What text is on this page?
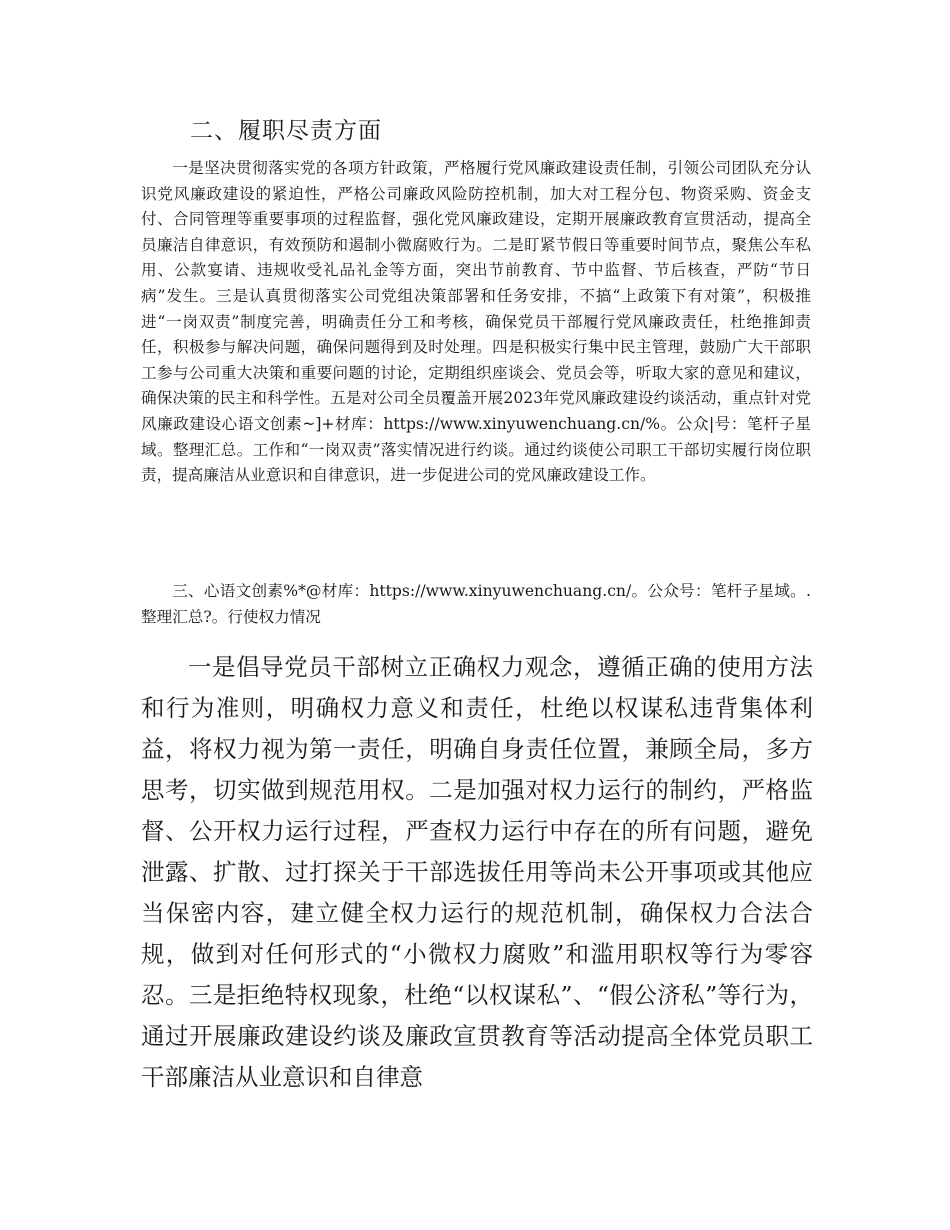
二、履职尽责方面

一是坚决贯彻落实党的各项方针政策，严格履行党风廉政建设责任制，引领公司团队充分认识党风廉政建设的紧迫性，严格公司廉政风险防控机制，加大对工程分包、物资采购、资金支付、合同管理等重要事项的过程监督，强化党风廉政建设，定期开展廉政教育宣贯活动，提高全员廉洁自律意识，有效预防和遏制小微腐败行为。二是盯紧节假日等重要时间节点，聚焦公车私用、公款宴请、违规收受礼品礼金等方面，突出节前教育、节中监督、节后核查，严防“节日病”发生。三是认真贯彻落实公司党组决策部署和任务安排，不搞“上政策下有对策”，积极推进“一岗双责”制度完善，明确责任分工和考核，确保党员干部履行党风廉政责任，杜绝推卸责任，积极参与解决问题，确保问题得到及时处理。四是积极实行集中民主管理，鼓励广大干部职工参与公司重大决策和重要问题的讨论，定期组织座谈会、党员会等，听取大家的意见和建议，确保决策的民主和科学性。五是对公司全员覆盖开展2023年党风廉政建设约谈活动，重点针对党风廉政建设心语文创素~]+材库：https://www.xinyuwenchuang.cn/%。公众|号：笔杆子星域。整理汇总。工作和“一岗双责”落实情况进行约谈。通过约谈使公司职工干部切实履行岗位职责，提高廉洁从业意识和自律意识，进一步促进公司的党风廉政建设工作。

三、心语文创素%*@材库：https://www.xinyuwenchuang.cn/。公众号：笔杆子星域。.整理汇总?。行使权力情况

一是倡导党员干部树立正确权力观念，遵循正确的使用方法和行为准则，明确权力意义和责任，杜绝以权谋私违背集体利益，将权力视为第一责任，明确自身责任位置，兼顾全局，多方思考，切实做到规范用权。二是加强对权力运行的制约，严格监督、公开权力运行过程，严查权力运行中存在的所有问题，避免泄露、扩散、过打探关于干部选拔任用等尚未公开事项或其他应当保密内容，建立健全权力运行的规范机制，确保权力合法合规，做到对任何形式的“小微权力腐败”和滥用职权等行为零容忍。三是拒绝特权现象，杜绝“以权谋私”、“假公济私”等行为，通过开展廉政建设约谈及廉政宣贯教育等活动提高全体党员职工干部廉洁从业意识和自律意
